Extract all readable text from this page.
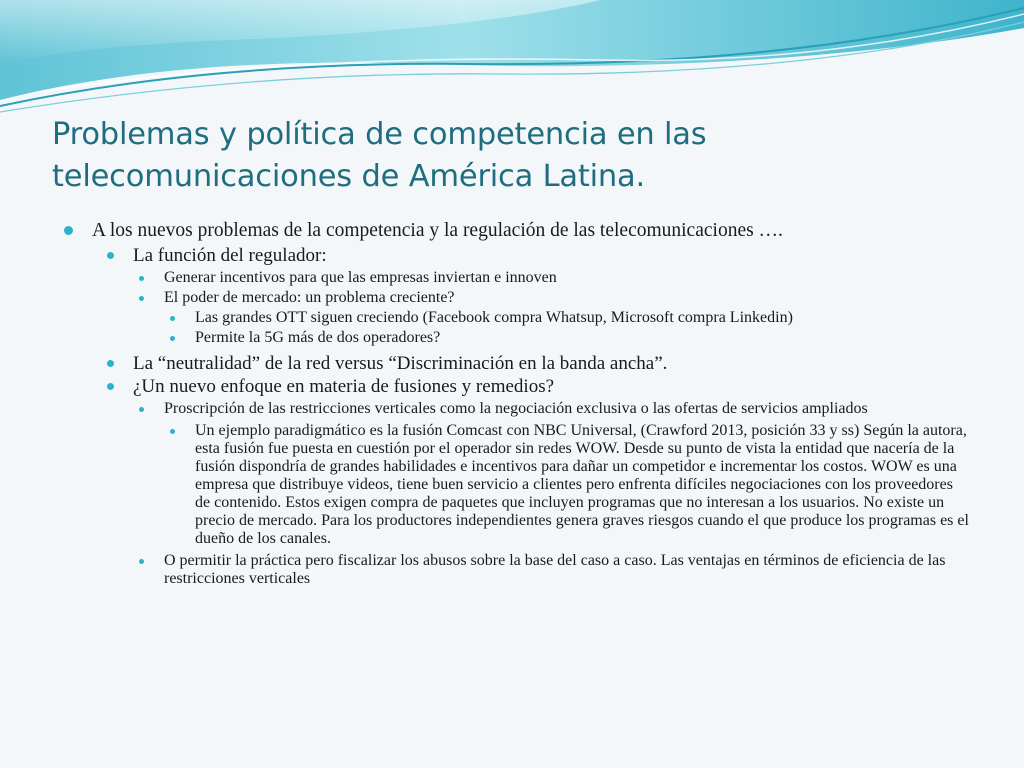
Problemas y política de competencia en las
telecomunicaciones de América Latina.
A los nuevos problemas de la competencia y la regulación de las telecomunicaciones ….
La función del regulador:
Generar incentivos para que las empresas inviertan e innoven
El poder de mercado: un problema creciente?
Las grandes OTT siguen creciendo (Facebook compra Whatsup, Microsoft compra Linkedin)
Permite la 5G más de dos operadores?
La “neutralidad” de la red versus “Discriminación en la banda ancha”.
¿Un nuevo enfoque en materia de fusiones y remedios?
Proscripción de las restricciones verticales como la negociación exclusiva o las ofertas de servicios ampliados
Un ejemplo paradigmático es la fusión Comcast con NBC Universal, (Crawford 2013, posición 33 y ss) Según la autora, esta fusión fue puesta en cuestión por el operador sin redes WOW. Desde su punto de vista la entidad que nacería de la fusión dispondría de grandes habilidades e incentivos para dañar un competidor e incrementar los costos. WOW es una empresa que distribuye videos, tiene buen servicio a clientes pero enfrenta difíciles negociaciones con los proveedores de contenido. Estos exigen compra de paquetes que incluyen programas que no interesan a los usuarios. No existe un precio de mercado. Para los productores independientes genera graves riesgos cuando el que produce los programas es el dueño de los canales.
O permitir la práctica pero fiscalizar los abusos sobre la base del caso a caso. Las ventajas en términos de eficiencia de las restricciones verticales
